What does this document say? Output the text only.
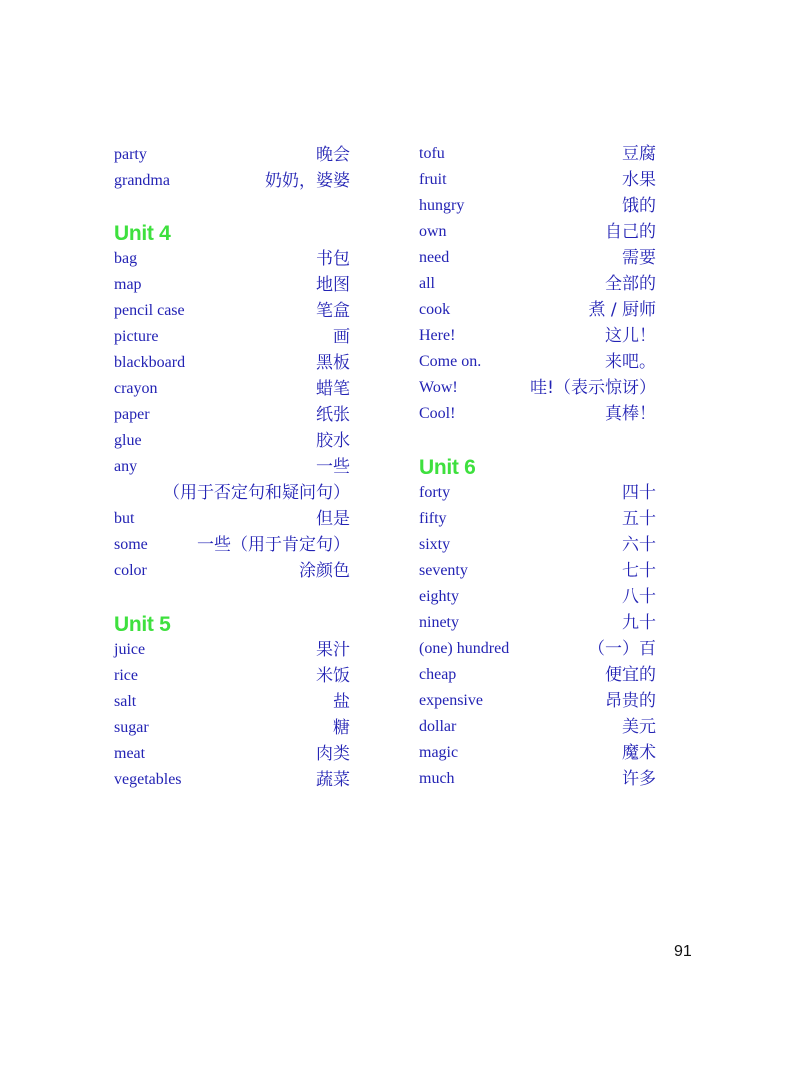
party	晚会
grandma	奶奶，婆婆
Unit 4
bag	书包
map	地图
pencil case	笔盒
picture	画
blackboard	黑板
crayon	蜡笔
paper	纸张
glue	胶水
any	一些
（用于否定句和疑问句）
but	但是
some	一些（用于肯定句）
color	涂颜色
Unit 5
juice	果汁
rice	米饭
salt	盐
sugar	糖
meat	肉类
vegetables	蔬菜
tofu	豆腐
fruit	水果
hungry	饿的
own	自己的
need	需要
all	全部的
cook	煮 / 厨师
Here!	这儿！
Come on.	来吧。
Wow!	哇!（表示惊讶）
Cool!	真棒！
Unit 6
forty	四十
fifty	五十
sixty	六十
seventy	七十
eighty	八十
ninety	九十
(one) hundred	（一）百
cheap	便宜的
expensive	昂贵的
dollar	美元
magic	魔术
much	许多
91
